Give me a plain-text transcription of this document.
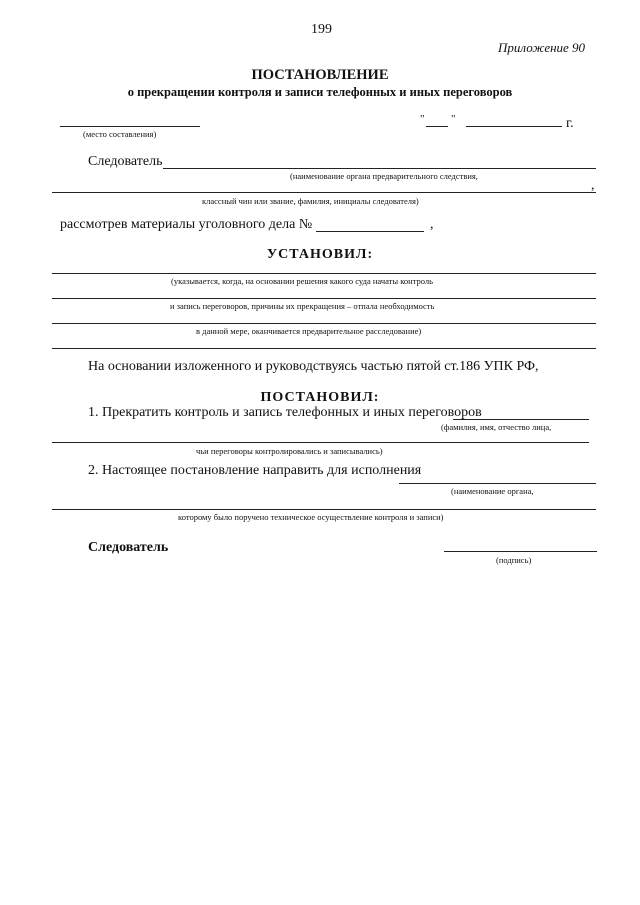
199
Приложение 90
ПОСТАНОВЛЕНИЕ
о прекращении контроля и записи телефонных и иных переговоров
(место составления)
" "	г.
Следователь
(наименование органа предварительного следствия,
,
классный чин или звание, фамилия, инициалы следователя)
рассмотрев материалы уголовного дела №	,
УСТАНОВИЛ:
(указывается, когда, на основании решения какого суда начаты контроль
и запись переговоров, причины их прекращения – отпала необходимость
в данной мере, оканчивается предварительное расследование)
На основании изложенного и руководствуясь частью пятой ст.186 УПК РФ,
ПОСТАНОВИЛ:
1. Прекратить контроль и запись телефонных и иных переговоров
(фамилия, имя, отчество лица,
чьи переговоры контролировались и записывались)
2. Настоящее постановление направить для исполнения
(наименование органа,
которому было поручено техническое осуществление контроля и записи)
Следователь
(подпись)
